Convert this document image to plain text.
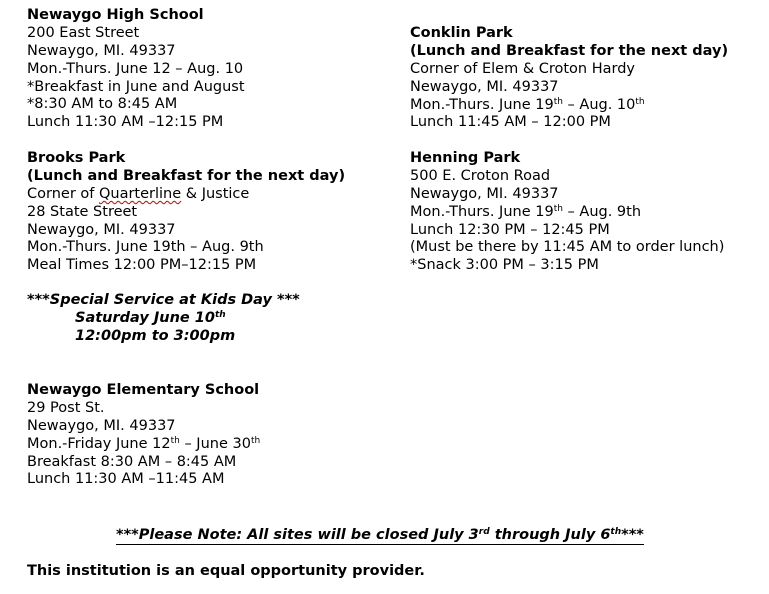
Newaygo High School
200 East Street
Newaygo, MI. 49337
Mon.-Thurs. June 12 – Aug. 10
*Breakfast in June and August
*8:30 AM to 8:45 AM
Lunch 11:30 AM –12:15 PM
Brooks Park
(Lunch and Breakfast for the next day)
Corner of Quarterline & Justice
28 State Street
Newaygo, MI. 49337
Mon.-Thurs. June 19th – Aug. 9th
Meal Times 12:00 PM–12:15 PM
***Special Service at Kids Day ***
Saturday June 10th
12:00pm to 3:00pm
Newaygo Elementary School
29 Post St.
Newaygo, MI. 49337
Mon.-Friday June 12th – June 30th
Breakfast 8:30 AM – 8:45 AM
Lunch 11:30 AM –11:45 AM
Conklin Park
(Lunch and Breakfast for the next day)
Corner of Elem & Croton Hardy
Newaygo, MI. 49337
Mon.-Thurs. June 19th – Aug. 10th
Lunch 11:45 AM – 12:00 PM
Henning Park
500 E. Croton Road
Newaygo, MI. 49337
Mon.-Thurs. June 19th – Aug. 9th
Lunch 12:30 PM – 12:45 PM
(Must be there by 11:45 AM to order lunch)
*Snack 3:00 PM – 3:15 PM
***Please Note: All sites will be closed July 3rd through July 6th***
This institution is an equal opportunity provider.
